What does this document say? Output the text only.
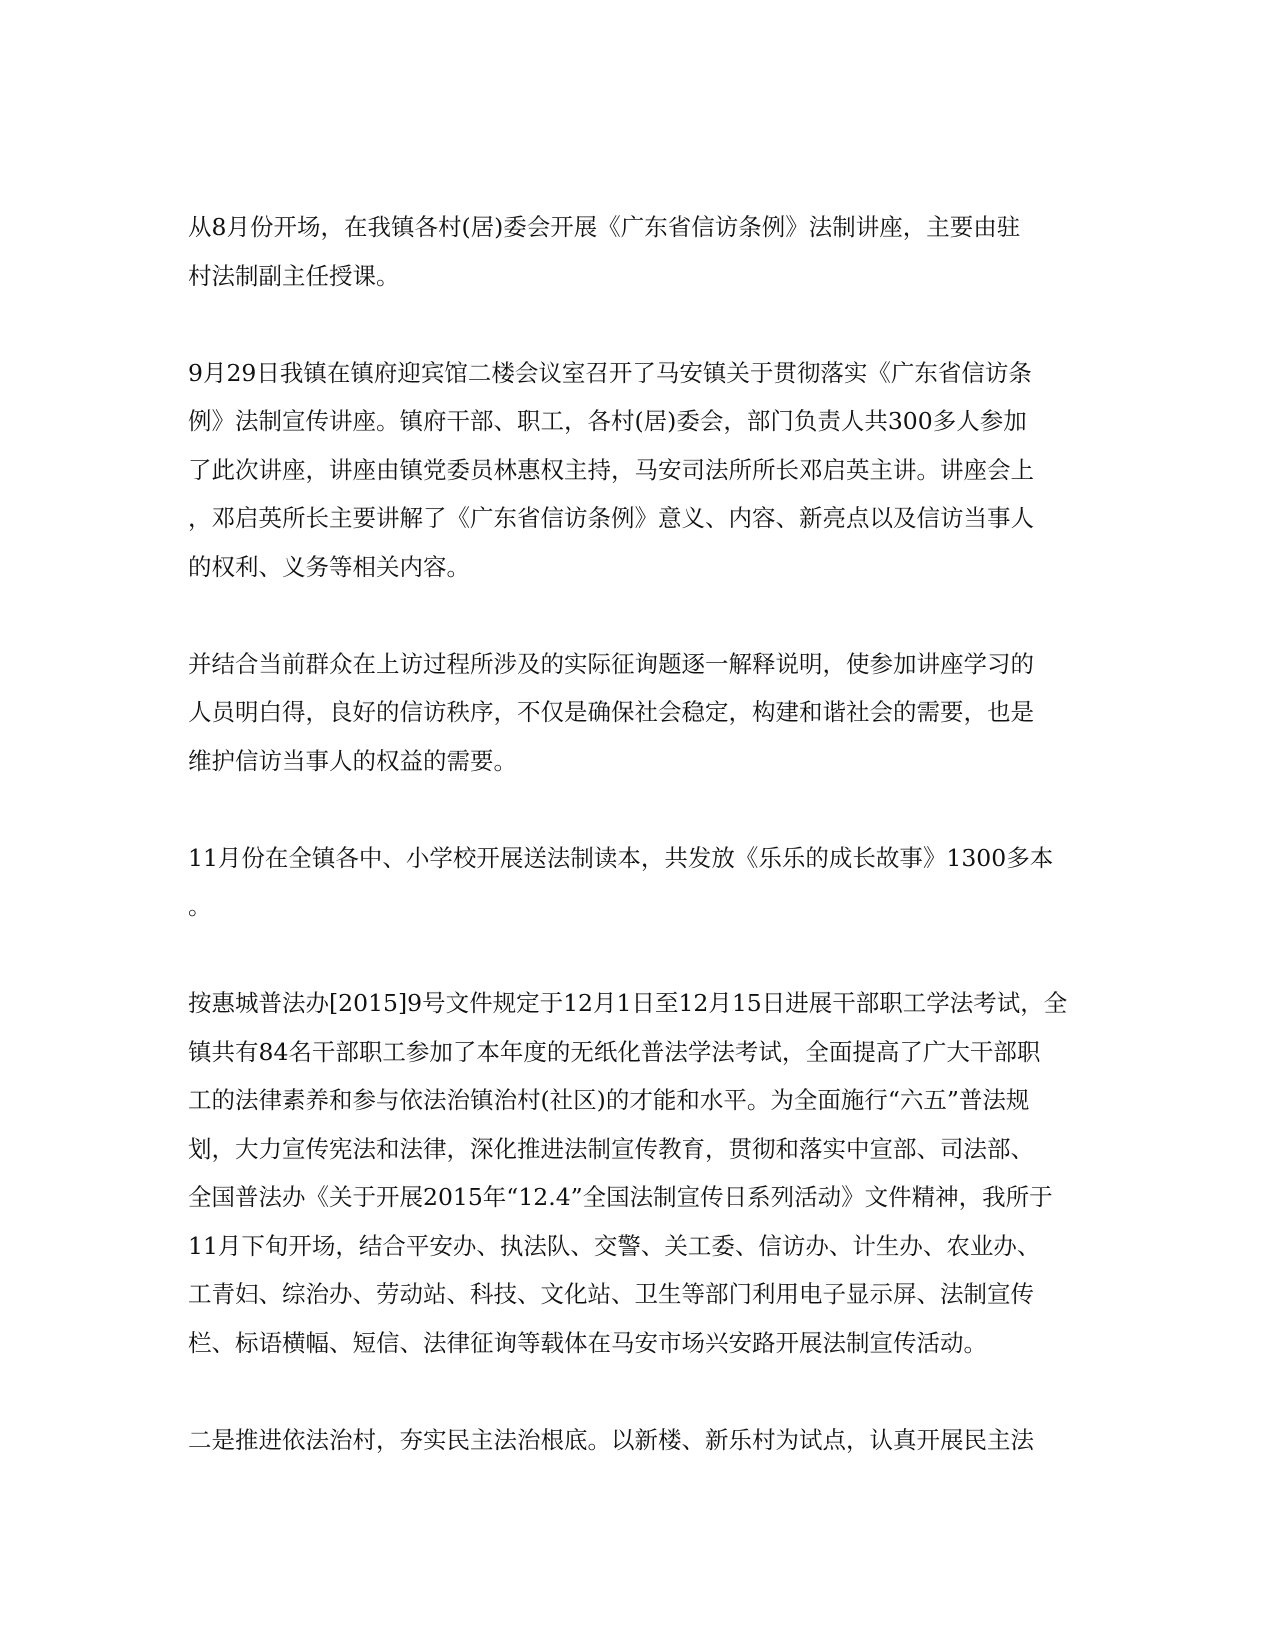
从8月份开场，在我镇各村(居)委会开展《广东省信访条例》法制讲座，主要由驻
村法制副主任授课。
9月29日我镇在镇府迎宾馆二楼会议室召开了马安镇关于贯彻落实《广东省信访条
例》法制宣传讲座。镇府干部、职工，各村(居)委会，部门负责人共300多人参加
了此次讲座，讲座由镇党委员林惠权主持，马安司法所所长邓启英主讲。讲座会上
，邓启英所长主要讲解了《广东省信访条例》意义、内容、新亮点以及信访当事人
的权利、义务等相关内容。
并结合当前群众在上访过程所涉及的实际征询题逐一解释说明，使参加讲座学习的
人员明白得，良好的信访秩序，不仅是确保社会稳定，构建和谐社会的需要，也是
维护信访当事人的权益的需要。
11月份在全镇各中、小学校开展送法制读本，共发放《乐乐的成长故事》1300多本
。
按惠城普法办[2015]9号文件规定于12月1日至12月15日进展干部职工学法考试，全
镇共有84名干部职工参加了本年度的无纸化普法学法考试，全面提高了广大干部职
工的法律素养和参与依法治镇治村(社区)的才能和水平。为全面施行“六五”普法规
划，大力宣传宪法和法律，深化推进法制宣传教育，贯彻和落实中宣部、司法部、
全国普法办《关于开展2015年“12.4”全国法制宣传日系列活动》文件精神，我所于
11月下旬开场，结合平安办、执法队、交警、关工委、信访办、计生办、农业办、
工青妇、综治办、劳动站、科技、文化站、卫生等部门利用电子显示屏、法制宣传
栏、标语横幅、短信、法律征询等载体在马安市场兴安路开展法制宣传活动。
二是推进依法治村，夯实民主法治根底。以新楼、新乐村为试点，认真开展民主法
